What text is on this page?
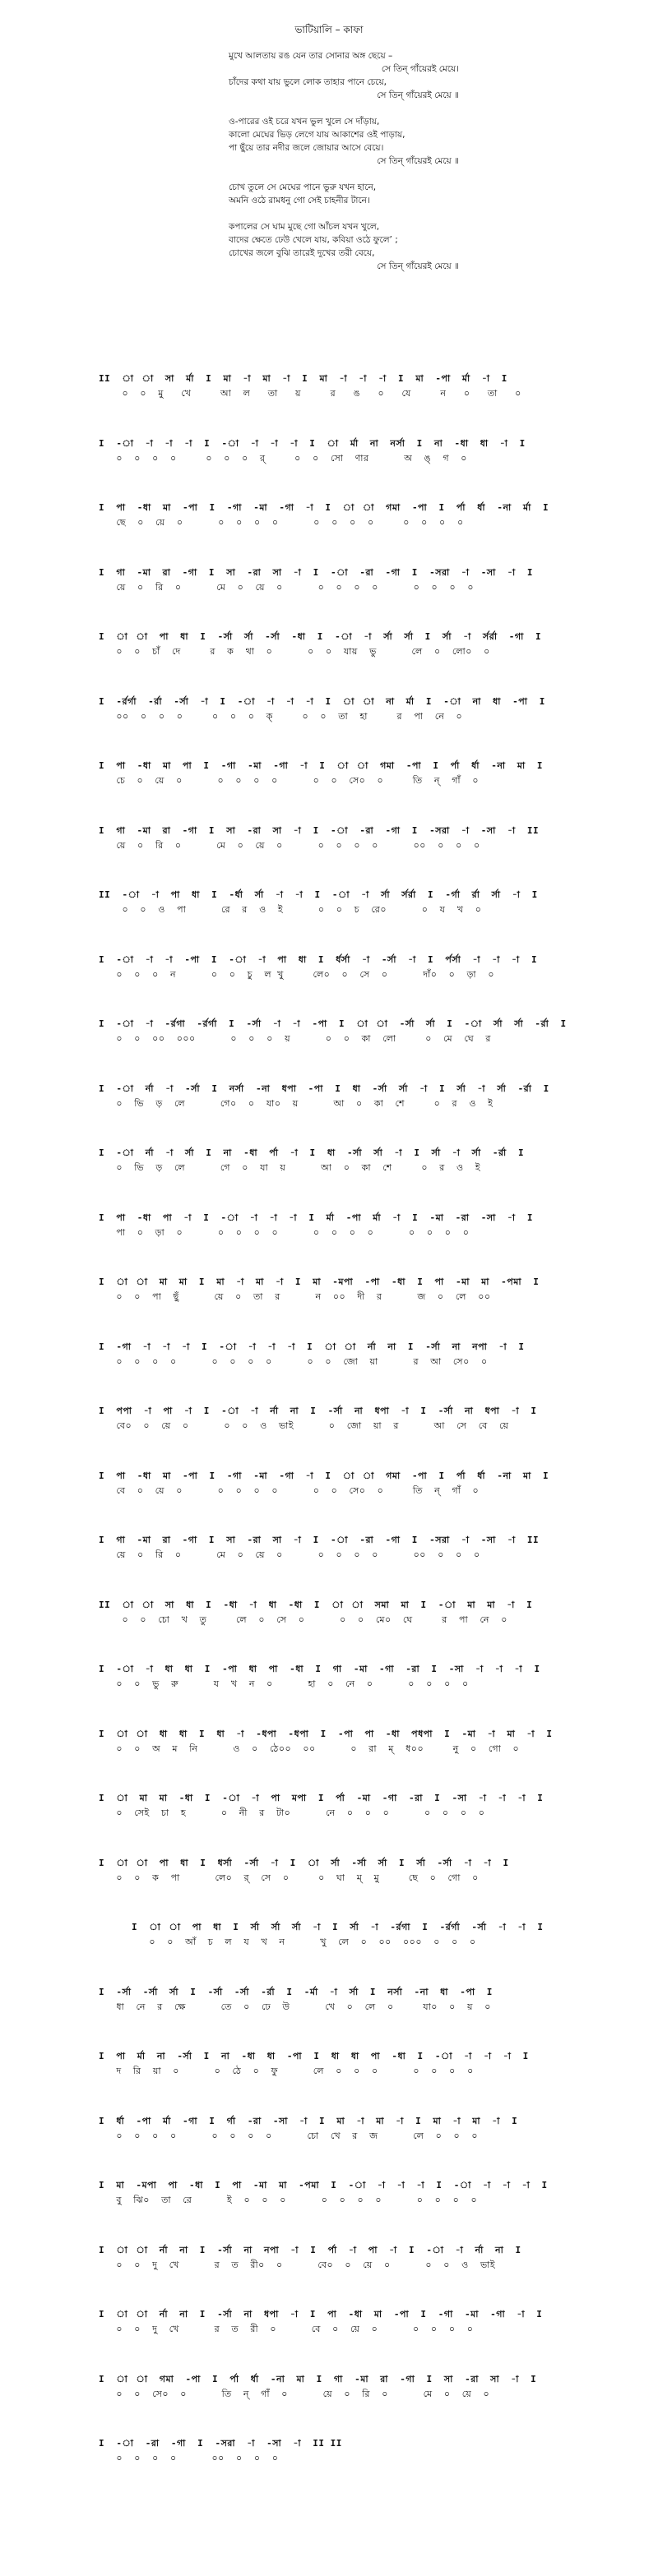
ভাটিয়ালি – কাফা
মুখে আলতায় রঙ যেন তার সোনার অঙ্গ ছেয়ে –
সে তিন্ গাঁয়েরই মেয়ে।
চাঁদের কথা যায় ভুলে লোক তাহার পানে চেয়ে,
সে তিন্ গাঁয়েরই মেয়ে ॥

ও-পারের ওই চরে যখন ভুল খুলে সে দাঁড়ায়,
কালো মেঘের ভিড় লেগে যায় আকাশের ওই পাড়ায়,
পা ছুঁয়ে তার নদীর জলে জোয়ার আসে বেয়ে।
সে তিন্ গাঁয়েরই মেয়ে ॥

চোখ তুলে সে মেঘের পানে ভুরু যখন হানে,
অমনি ওঠে রামধনু গো সেই চাহনীর টানে।

কপালের সে ঘাম মুছে গো আঁচল যখন খুলে,
বাদের ক্ষেতে ঢেউ খেলে যায়, কবিয়া ওঠে ফুলে’ ;
চোখের জলে বুঝি তারেই দুখের তরী বেয়ে,
সে তিন্ গাঁয়েরই মেয়ে ॥
II  া  া  সা  র্মা  I  মা  -া  মা  -া  I  মা  -া  -া  -া  I  মা  -পা  র্মা  -া  I
০  ০  মু   খে     আ  ল   তা   য়     র   ঙ   ০   যে     ন   ০   তা   ০
I  -া  -া  -া  -া  I  -া  -া  -া  -া  I  া  র্মা  না  নর্সা  I  না  -ধা  ধা  -া  I
০  ০  ০  ০     ০  ০  ০  র্     ০  ০  সো  ণার      অ  ঙ্  গ  ০
I  পা  -ধা  মা  -পা  I  -গা  -মা  -গা  -া  I  া  া  গমা  -পা  I  র্পা  র্ধা  -না  র্মা  I
ছে  ০  য়ে  ০      ০  ০  ০  ০      ০  ০  ০  ০     ০  ০  ০  ০
I  গা  -মা  রা  -গা  I  সা  -রা  সা  -া  I  -া  -রা  -গা  I  -সরা  -া  -সা  -া  I
য়ে  ০  রি  ০      মে  ০  য়ে  ০      ০  ০  ০  ০      ০  ০  ০  ০
I  া  া  পা  ধা  I  -র্সা  র্সা  -র্সা  -ধা  I  -া  -া  র্সা  র্সা  I  র্সা  -া  র্সর্রা  -গা  I
০  ০  চাঁ  দে     র  ক  থা  ০      ০  ০  যায়  ভু      লে  ০  লো০  ০
I  -র্রর্গা  -র্রা  -র্সা  -া  I  -া  -া  -া  -া  I  া  া  না  র্মা  I  -া  না  ধা  -পা  I
০০  ০  ০  ০     ০  ০  ০  ক্     ০  ০  তা  হা     র  পা  নে  ০
I  পা  -ধা  মা  পা  I  -গা  -মা  -গা  -া  I  া  া  গমা  -পা  I  র্পা  র্ধা  -না  মা  I
চে  ০  য়ে  ০      ০  ০  ০  ০      ০  ০  সে০  ০     তি  ন্  গাঁ  ০
I  গা  -মা  রা  -গা  I  সা  -রা  সা  -া  I  -া  -রা  -গা  I  -সরা  -া  -সা  -া  II
য়ে  ০  রি  ০      মে  ০  য়ে  ০      ০  ০  ০  ০      ০০  ০  ০  ০
II  -া  -া  পা  ধা  I  -র্ধা  র্সা  -া  -া  I  -া  -া  র্সা  র্সর্রা  I  -র্গা  র্রা  র্সা  -া  I
০  ০  ও  পা      রে  র  ও  ই      ০  ০  চ  রে০      ০  য  খ  ০
I  -া  -া  -া  -পা  I  -া  -া  পা  ধা  I  র্ধর্সা  -া  -র্সা  -া  I  র্পর্সা  -া  -া  -া  I
০  ০  ০  ন      ০  ০  চু  ল খু     লে০  ০  সে  ০      দাঁ০  ০  ড়া  ০
I  -া  -া  -র্রগা  -র্রর্গা  I  -র্সা  -া  -া  -পা  I  া  া  -র্সা  র্সা  I  -া  র্সা  র্সা  -র্রা  I
০  ০  ০০  ০০০      ০  ০  ০  য়      ০  ০  কা  লো     ০  মে  ঘে  র
I  -া  র্না  -া  -র্সা  I  নর্সা  -না  ধপা  -পা  I  ধা  -র্সা  র্সা  -া  I  র্সা  -া  র্সা  -র্রা  I
০  ভি  ড়  লে      গে০  ০  যা০  য়      আ  ০  কা  শে     ০  র  ও  ই
I  -া  র্না  -া  র্সা  I  না  -ধা  র্পা  -া  I  ধা  -র্সা  র্সা  -া  I  র্সা  -া  র্সা  -র্রা  I
০  ভি  ড়  লে      গে  ০  যা  য়      আ  ০  কা  শে     ০  র  ও  ই
I  পা  -ধা  পা  -া  I  -া  -া  -া  -া  I  র্মা  -পা  র্মা  -া  I  -মা  -রা  -সা  -া  I
পা  ০  ড়া  ০      ০  ০  ০  ০      ০  ০  ০  ০      ০  ০  ০  ০
I  া  া  মা  মা  I  মা  -া  মা  -া  I  মা  -মপা  -পা  -ধা  I  পা  -মা  মা  -পমা  I
০  ০  পা  ছুঁ      য়ে  ০  তা  র      ন  ০০  দী  র      জ  ০  লে  ০০
I  -গা  -া  -া  -া  I  -া  -া  -া  -া  I  া  া  র্না  না  I  -র্সা  না  নপা  -া  I
০  ০  ০  ০      ০  ০  ০  ০      ০  ০  জো  য়া      র  আ  সে০  ০
I  পপা  -া  পা  -া  I  -া  -া  র্না  না  I  -র্সা  না  ধপা  -া  I  -র্সা  না  ধপা  -া  I
বে০  ০  য়ে  ০      ০  ০  ও  ভাই      ০  জো  য়া  র      আ  সে  বে  য়ে
I  পা  -ধা  মা  -পা  I  -গা  -মা  -গা  -া  I  া  া  গমা  -পা  I  র্পা  র্ধা  -না  মা  I
বে  ০  য়ে  ০      ০  ০  ০  ০      ০  ০  সে০  ০     তি  ন্  গাঁ  ০
I  গা  -মা  রা  -গা  I  সা  -রা  সা  -া  I  -া  -রা  -গা  I  -সরা  -া  -সা  -া  II
য়ে  ০  রি  ০      মে  ০  য়ে  ০      ০  ০  ০  ০      ০০  ০  ০  ০
II  া  া  সা  ধা  I  -ধা  -া  ধা  -ধা  I  া  া  সমা  মা  I  -া  মা  মা  -া  I
০  ০  চো  খ  তু     লে  ০  সে  ০      ০  ০  মে০  ঘে     র  পা  নে  ০
I  -া  -া  ধা  ধা  I  -পা  ধা  পা  -ধা  I  গা  -মা  -গা  -রা  I  -সা  -া  -া  -া  I
০  ০  ভু  রু      য  খ  ন  ০      হা  ০  নে  ০      ০  ০  ০  ০
I  া  া  ধা  ধা  I  ধা  -া  -ধপা  -ধপা  I  -পা  পা  -ধা  পধপা  I  -মা  -া  মা  -া  I
০  ০  অ  ম  নি      ও  ০  ঠে০০  ০০      ০  রা  ম্  ধ০০     নু  ০  গো  ০
I  া  মা  মা  -ধা  I  -া  -া  পা  মপা  I  র্পা  -মা  -গা  -রা  I  -সা  -া  -া  -া  I
০  সেই  চা  হ      ০  নী  র  টা০      নে  ০  ০  ০      ০  ০  ০  ০
I  া  া  পা  ধা  I  ধর্সা  -র্সা  -া  I  া  র্সা  -র্সা  র্সা  I  র্সা  -র্সা  -া  -া  I
০  ০  ক  পা      লে০  র্  সে  ০     ০  ঘা  ম্  মু     ছে  ০  গো  ০
I  া  া  পা  ধা  I  র্সা  র্সা  র্সা  -া  I  র্সা  -া  -র্রগা  I  -র্রর্গা  -র্সা  -া  -া  I
০  ০  আঁ  চ  ল  য  খ  ন      খু  লে  ০  ০০  ০০০  ০  ০  ০
I  -র্সা  -র্সা  র্সা  I  -র্সা  -র্সা  -র্রা  I  -র্মা  -া  র্সা  I  নর্সা  -না  ধা  -পা  I
ধা  নে  র  ক্ষে      তে  ০  ঢে  উ      খে  ০  লে  ০     যা০  ০  য়  ০
I  পা  র্মা  না  -র্সা  I  না  -ধা  ধা  -পা  I  ধা  ধা  পা  -ধা  I  -া  -া  -া  -া  I
দ  রি  য়া  ০      ০  ঠে  ০  ফু      লে  ০  ০  ০      ০  ০  ০  ০
I  র্ধা  -পা  র্মা  -গা  I  র্গা  -রা  -সা  -া  I  মা  -া  মা  -া  I  মা  -া  মা  -া  I
০  ০  ০  ০      ০  ০  ০  ০      চো  খে  র  জ      লে  ০  ০  ০
I  মা  -মপা  পা  -ধা  I  পা  -মা  মা  -পমা  I  -া  -া  -া  -া  I  -া  -া  -া  -া  I
বু  ঝি০  তা  রে      ই  ০  ০  ০      ০  ০  ০  ০      ০  ০  ০  ০
I  া  া  র্না  না  I  -র্সা  না  নপা  -া  I  র্পা  -া  পা  -া  I  -া  -া  র্না  না  I
০  ০  দু  খে      র  ত  রী০  ০      বে০  ০  য়ে  ০      ০  ০  ও  ভাই
I  া  া  র্না  না  I  -র্সা  না  ধপা  -া  I  পা  -ধা  মা  -পা  I  -গা  -মা  -গা  -া  I
০  ০  দু  খে      র  ত  রী  ০      বে  ০  য়ে  ০      ০  ০  ০  ০
I  া  া  গমা  -পা  I  র্পা  র্ধা  -না  মা  I  গা  -মা  রা  -গা  I  সা  -রা  সা  -া  I
০  ০  সে০  ০      তি  ন্  গাঁ  ০      য়ে  ০  রি  ০      মে  ০  য়ে  ০
I  -া  -রা  -গা  I  -সরা  -া  -সা  -া  II II
০  ০  ০  ০      ০০  ০  ০  ০
